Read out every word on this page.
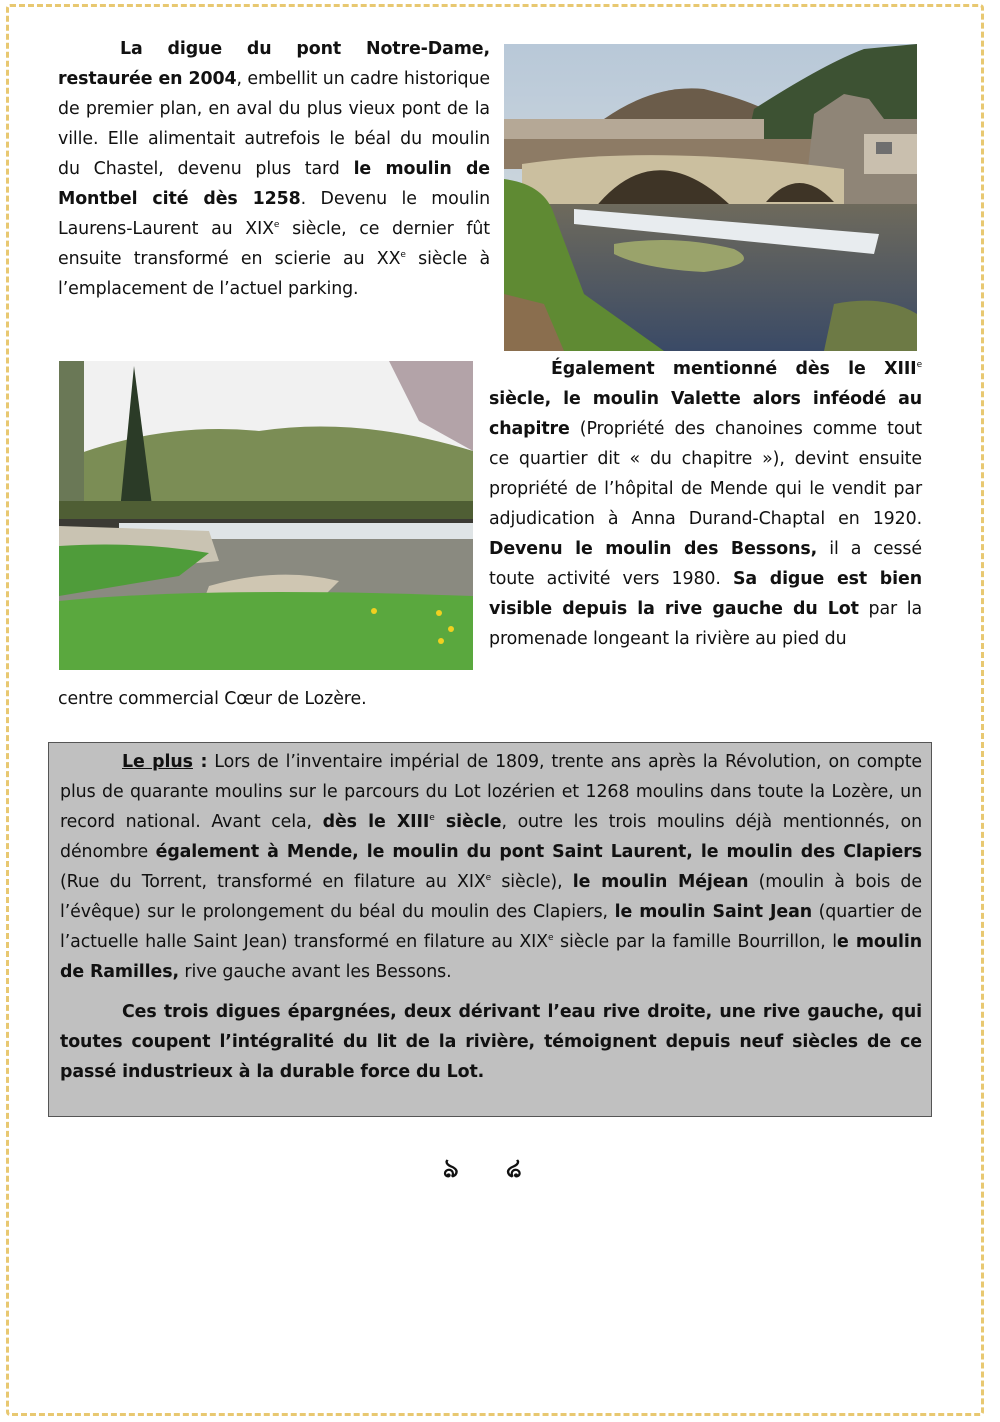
La digue du pont Notre-Dame, restaurée en 2004, embellit un cadre historique de premier plan, en aval du plus vieux pont de la ville. Elle alimentait autrefois le béal du moulin du Chastel, devenu plus tard le moulin de Montbel cité dès 1258. Devenu le moulin Laurens-Laurent au XIXe siècle, ce dernier fût ensuite transformé en scierie au XXe siècle à l’emplacement de l’actuel parking.
Également mentionné dès le XIIIe siècle, le moulin Valette alors inféodé au chapitre (Propriété des chanoines comme tout ce quartier dit « du chapitre »), devint ensuite propriété de l’hôpital de Mende qui le vendit par adjudication à Anna Durand-Chaptal en 1920. Devenu le moulin des Bessons, il a cessé toute activité vers 1980. Sa digue est bien visible depuis la rive gauche du Lot par la promenade longeant la rivière au pied du
centre commercial Cœur de Lozère.
Le plus : Lors de l’inventaire impérial de 1809, trente ans après la Révolution, on compte plus de quarante moulins sur le parcours du Lot lozérien et 1268 moulins dans toute la Lozère, un record national. Avant cela, dès le XIIIe siècle, outre les trois moulins déjà mentionnés, on dénombre également à Mende, le moulin du pont Saint Laurent, le moulin des Clapiers (Rue du Torrent, transformé en filature au XIXe siècle), le moulin Méjean (moulin à bois de l’évêque) sur le prolongement du béal du moulin des Clapiers, le moulin Saint Jean (quartier de l’actuelle halle Saint Jean) transformé en filature au XIXe siècle par la famille Bourrillon, le moulin de Ramilles, rive gauche avant les Bessons.
Ces trois digues épargnées, deux dérivant l’eau rive droite, une rive gauche, qui toutes coupent l’intégralité du lit de la rivière, témoignent depuis neuf siècles de ce passé industrieux à la durable force du Lot.
ঌ ঌ
